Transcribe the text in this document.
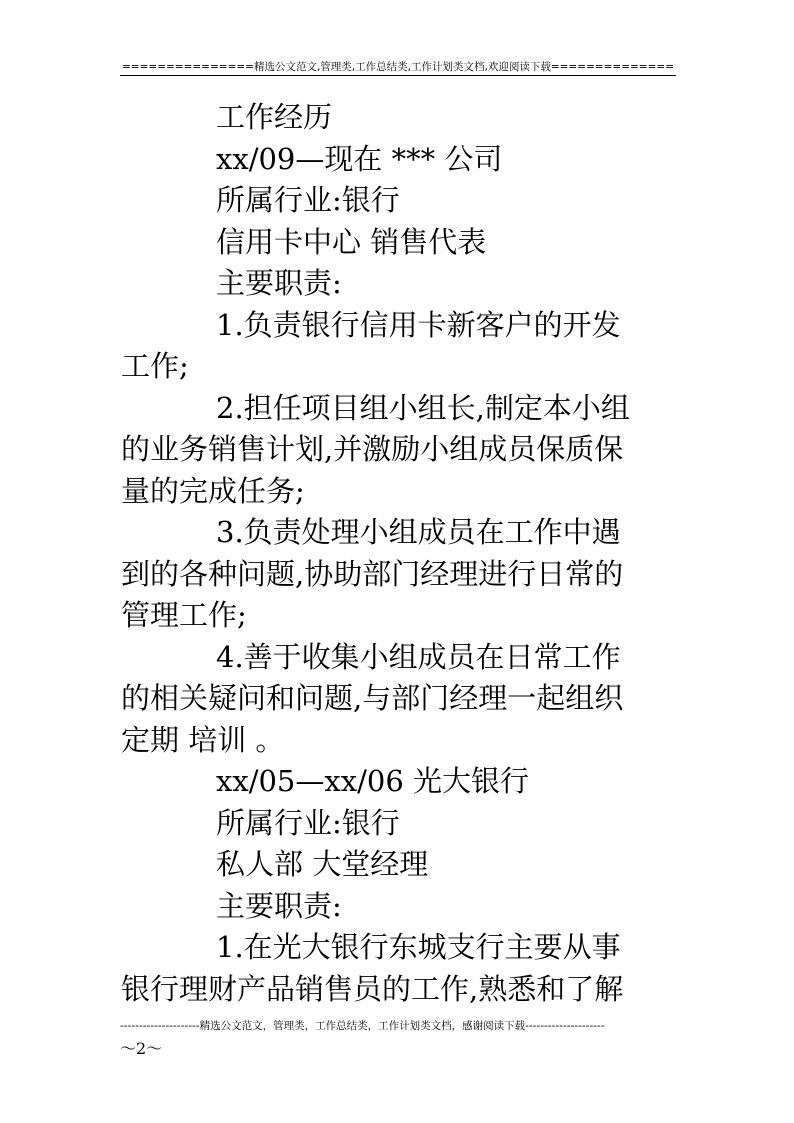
===============精选公文范文,管理类,工作总结类,工作计划类文档,欢迎阅读下载==============
工作经历
xx/09—现在 *** 公司
所属行业:银行
信用卡中心 销售代表
主要职责:
1.负责银行信用卡新客户的开发
工作;
2.担任项目组小组长,制定本小组
的业务销售计划,并激励小组成员保质保
量的完成任务;
3.负责处理小组成员在工作中遇
到的各种问题,协助部门经理进行日常的
管理工作;
4.善于收集小组成员在日常工作
的相关疑问和问题,与部门经理一起组织
定期 培训 。
xx/05—xx/06 光大银行
所属行业:银行
私人部 大堂经理
主要职责:
1.在光大银行东城支行主要从事
银行理财产品销售员的工作,熟悉和了解
---------------------精选公文范文，管理类，工作总结类，工作计划类文档，感谢阅读下载---------------------
～2～
